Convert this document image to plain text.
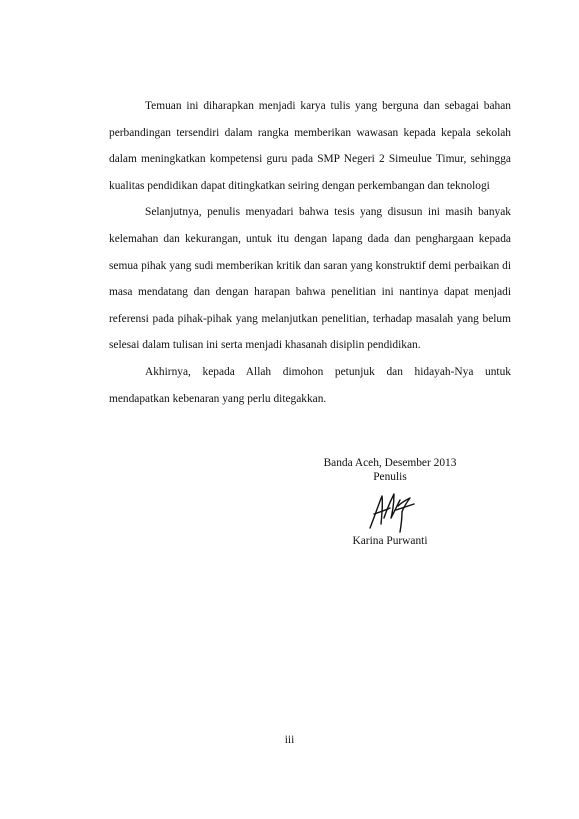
Temuan ini diharapkan menjadi karya tulis yang berguna dan sebagai bahan perbandingan tersendiri dalam rangka memberikan wawasan kepada kepala sekolah dalam meningkatkan kompetensi guru pada SMP Negeri 2 Simeulue Timur, sehingga kualitas pendidikan dapat ditingkatkan seiring dengan perkembangan dan teknologi

Selanjutnya, penulis menyadari bahwa tesis yang disusun ini masih banyak kelemahan dan kekurangan, untuk itu dengan lapang dada dan penghargaan kepada semua pihak yang sudi memberikan kritik dan saran yang konstruktif demi perbaikan di masa mendatang dan dengan harapan bahwa penelitian ini nantinya dapat menjadi referensi pada pihak-pihak yang melanjutkan penelitian, terhadap masalah yang belum selesai dalam tulisan ini serta menjadi khasanah disiplin pendidikan.

Akhirnya, kepada Allah dimohon petunjuk dan hidayah-Nya untuk mendapatkan kebenaran yang perlu ditegakkan.

Banda Aceh, Desember 2013
Penulis
Karina Purwanti
iii
